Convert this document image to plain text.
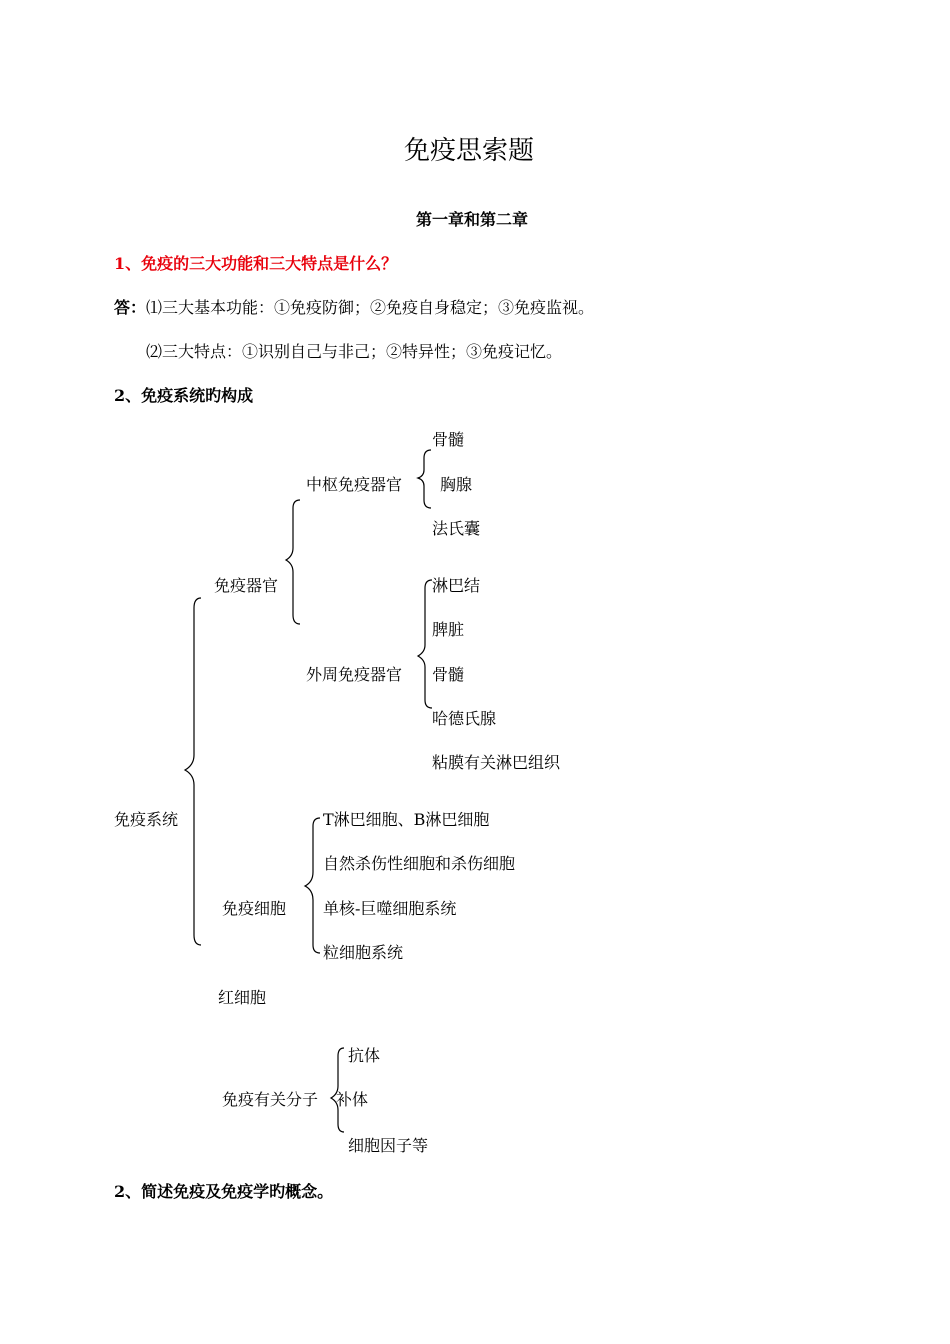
免疫思索题
第一章和第二章
1、免疫的三大功能和三大特点是什么？
答：⑴三大基本功能：①免疫防御；②免疫自身稳定；③免疫监视。
⑵三大特点：①识别自己与非己；②特异性；③免疫记忆。
2、免疫系统旳构成
免疫系统
免疫器官
中枢免疫器官
骨髓
胸腺
法氏囊
外周免疫器官
淋巴结
脾脏
骨髓
哈德氏腺
粘膜有关淋巴组织
免疫细胞
T淋巴细胞、B淋巴细胞
自然杀伤性细胞和杀伤细胞
单核-巨噬细胞系统
粒细胞系统
红细胞
免疫有关分子
抗体
补体
细胞因子等
2、简述免疫及免疫学旳概念。
